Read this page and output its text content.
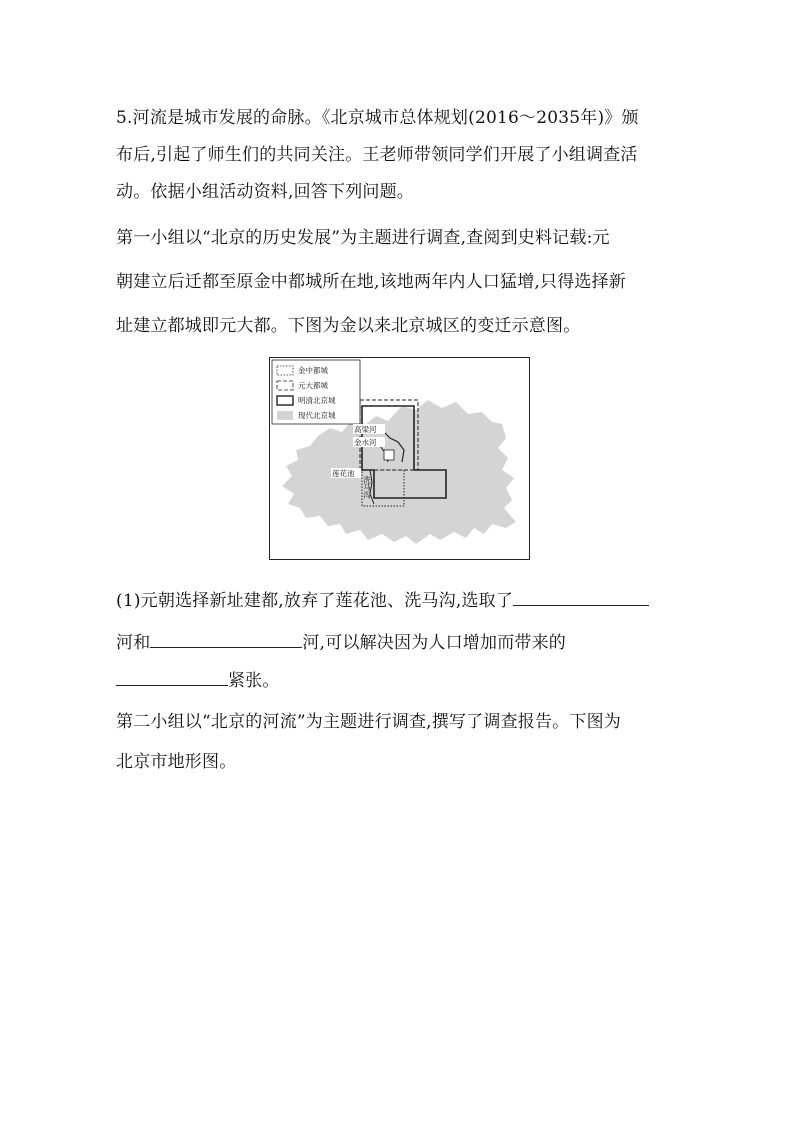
5.河流是城市发展的命脉。《北京城市总体规划(2016～2035年)》颁
布后,引起了师生们的共同关注。王老师带领同学们开展了小组调查活
动。依据小组活动资料,回答下列问题。
第一小组以“北京的历史发展”为主题进行调查,查阅到史料记载:元
朝建立后迁都至原金中都城所在地,该地两年内人口猛增,只得选择新
址建立都城即元大都。下图为金以来北京城区的变迁示意图。
金中都城
元大都城
明清北京城
现代北京城
高梁河
金水河
莲花池
洗马沟
(1)元朝选择新址建都,放弃了莲花池、洗马沟,选取了
河和	河,可以解决因为人口增加而带来的
紧张。
第二小组以“北京的河流”为主题进行调查,撰写了调查报告。下图为
北京市地形图。
